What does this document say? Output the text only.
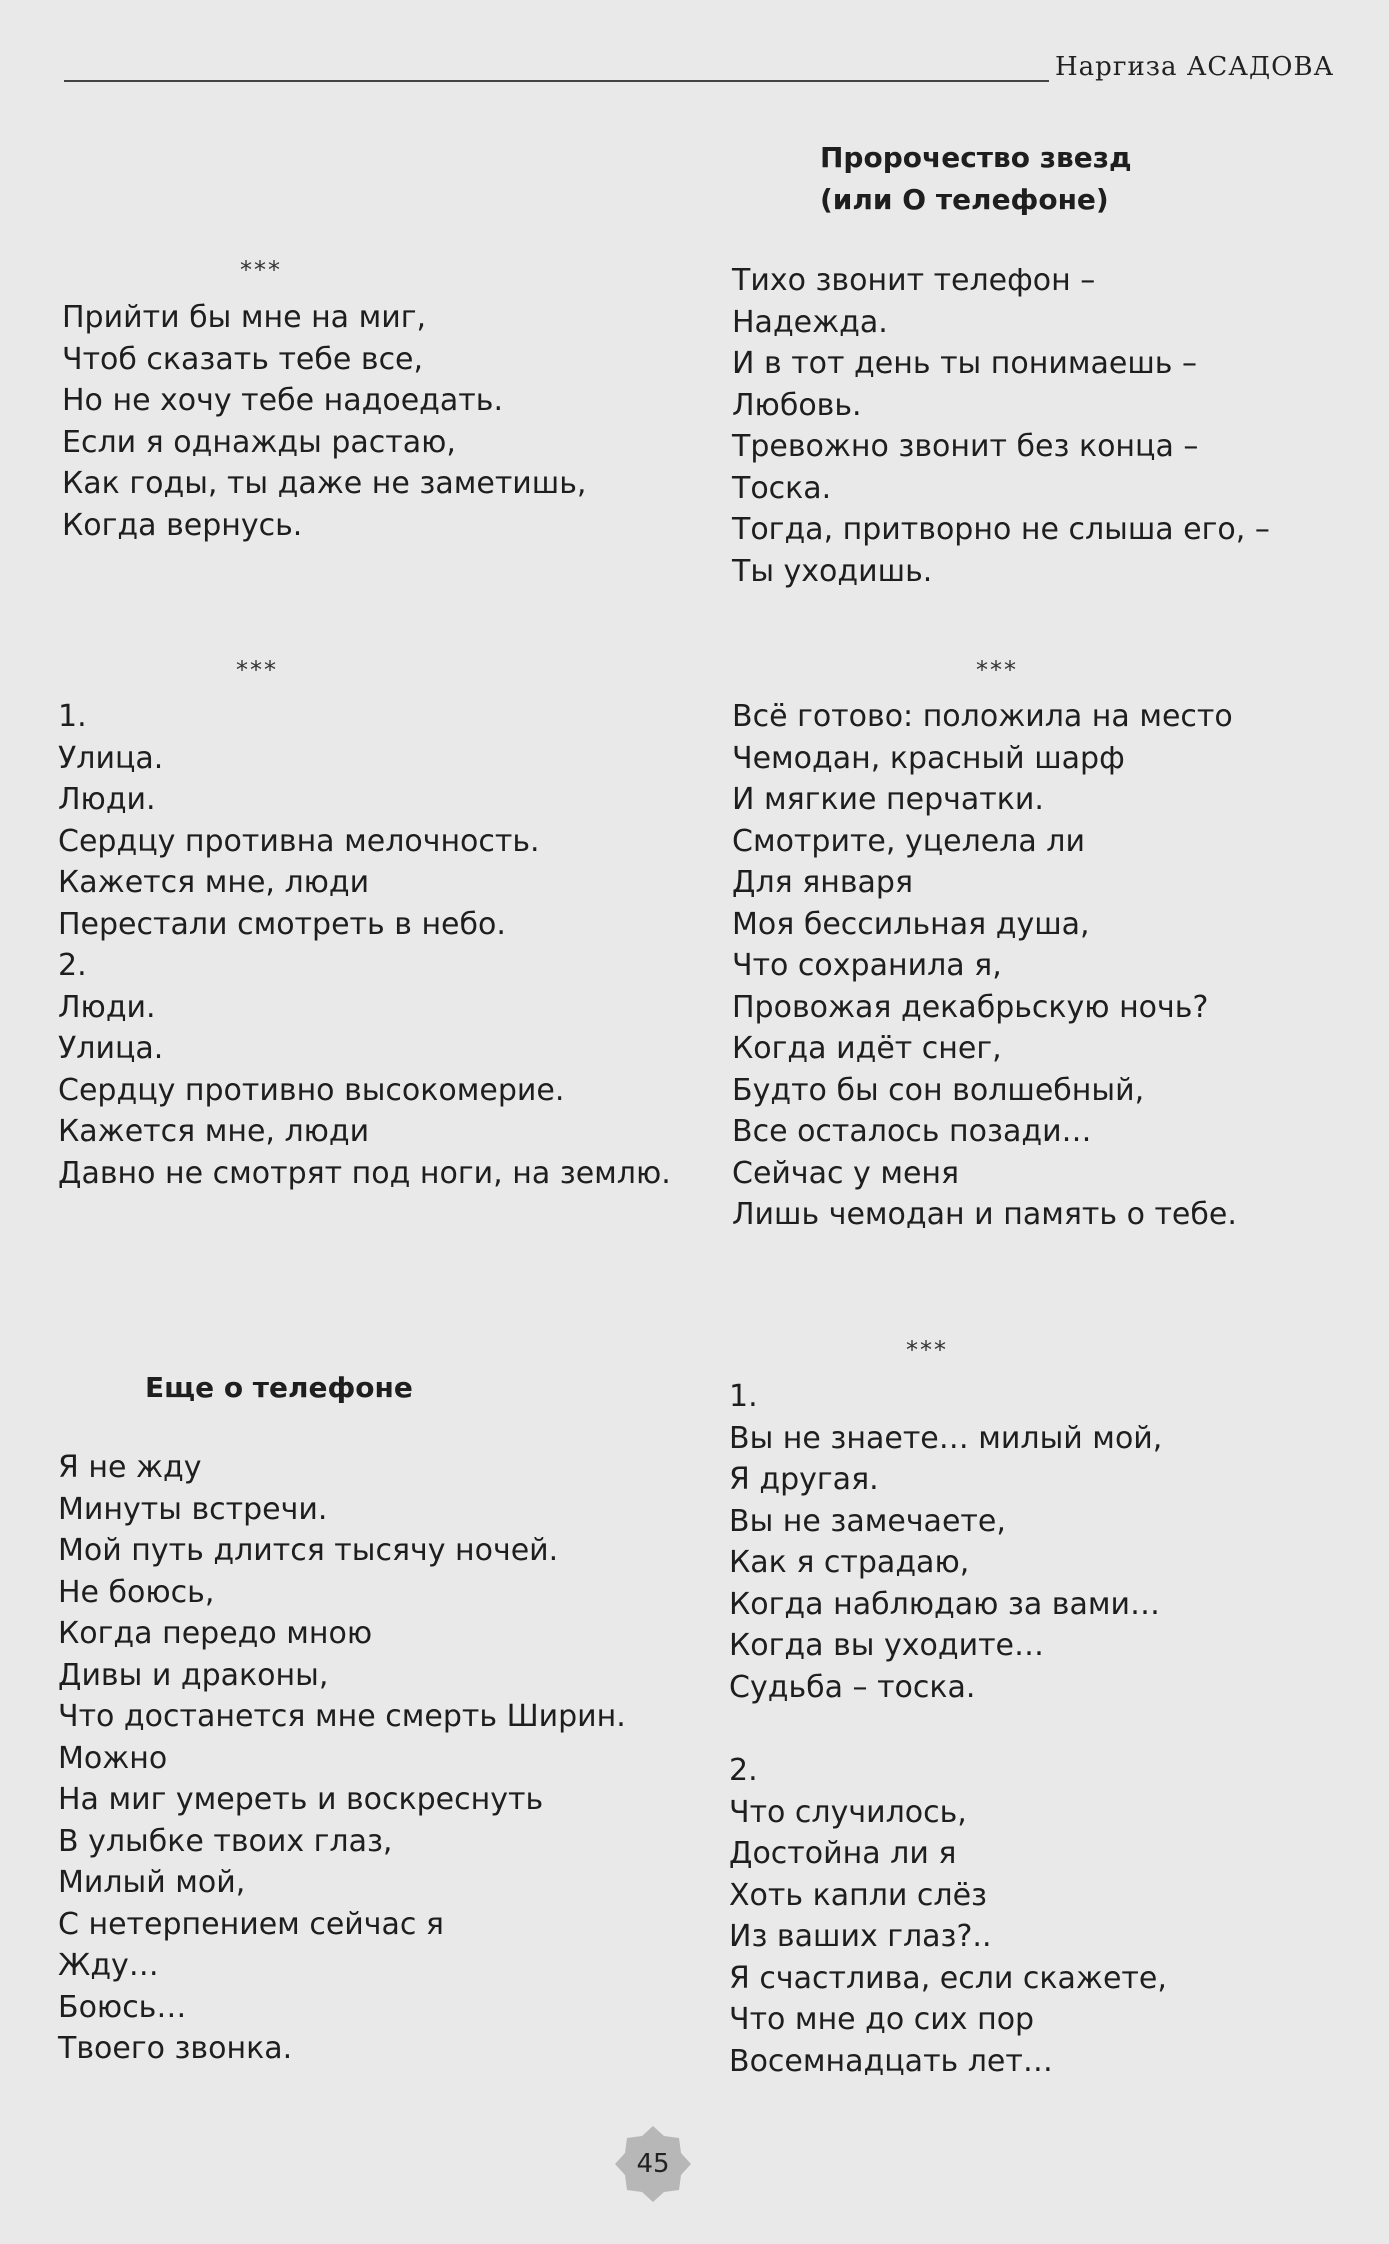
Наргиза АСАДОВА
***
Прийти бы мне на миг,
Чтоб сказать тебе все,
Но не хочу тебе надоедать.
Если я однажды растаю,
Как годы, ты даже не заметишь,
Когда вернусь.
***
1.
Улица.
Люди.
Сердцу противна мелочность.
Кажется мне, люди
Перестали смотреть в небо.
2.
Люди.
Улица.
Сердцу противно высокомерие.
Кажется мне, люди
Давно не смотрят под ноги, на землю.
Еще о телефоне
Я не жду
Минуты встречи.
Мой путь длится тысячу ночей.
Не боюсь,
Когда передо мною
Дивы и драконы,
Что достанется мне смерть Ширин.
Можно
На миг умереть и воскреснуть
В улыбке твоих глаз,
Милый мой,
С нетерпением сейчас я
Жду…
Боюсь…
Твоего звонка.
Пророчество звезд
(или О телефоне)
Тихо звонит телефон –
Надежда.
И в тот день ты понимаешь –
Любовь.
Тревожно звонит без конца –
Тоска.
Тогда, притворно не слыша его, –
Ты уходишь.
***
Всё готово: положила на место
Чемодан, красный шарф
И мягкие перчатки.
Смотрите, уцелела ли
Для января
Моя бессильная душа,
Что сохранила я,
Провожая декабрьскую ночь?
Когда идёт снег,
Будто бы сон волшебный,
Все осталось позади…
Сейчас у меня
Лишь чемодан и память о тебе.
***
1.
Вы не знаете… милый мой,
Я другая.
Вы не замечаете,
Как я страдаю,
Когда наблюдаю за вами…
Когда вы уходите…
Судьба – тоска.
2.
Что случилось,
Достойна ли я
Хоть капли слёз
Из ваших глаз?..
Я счастлива, если скажете,
Что мне до сих пор
Восемнадцать лет…
45
